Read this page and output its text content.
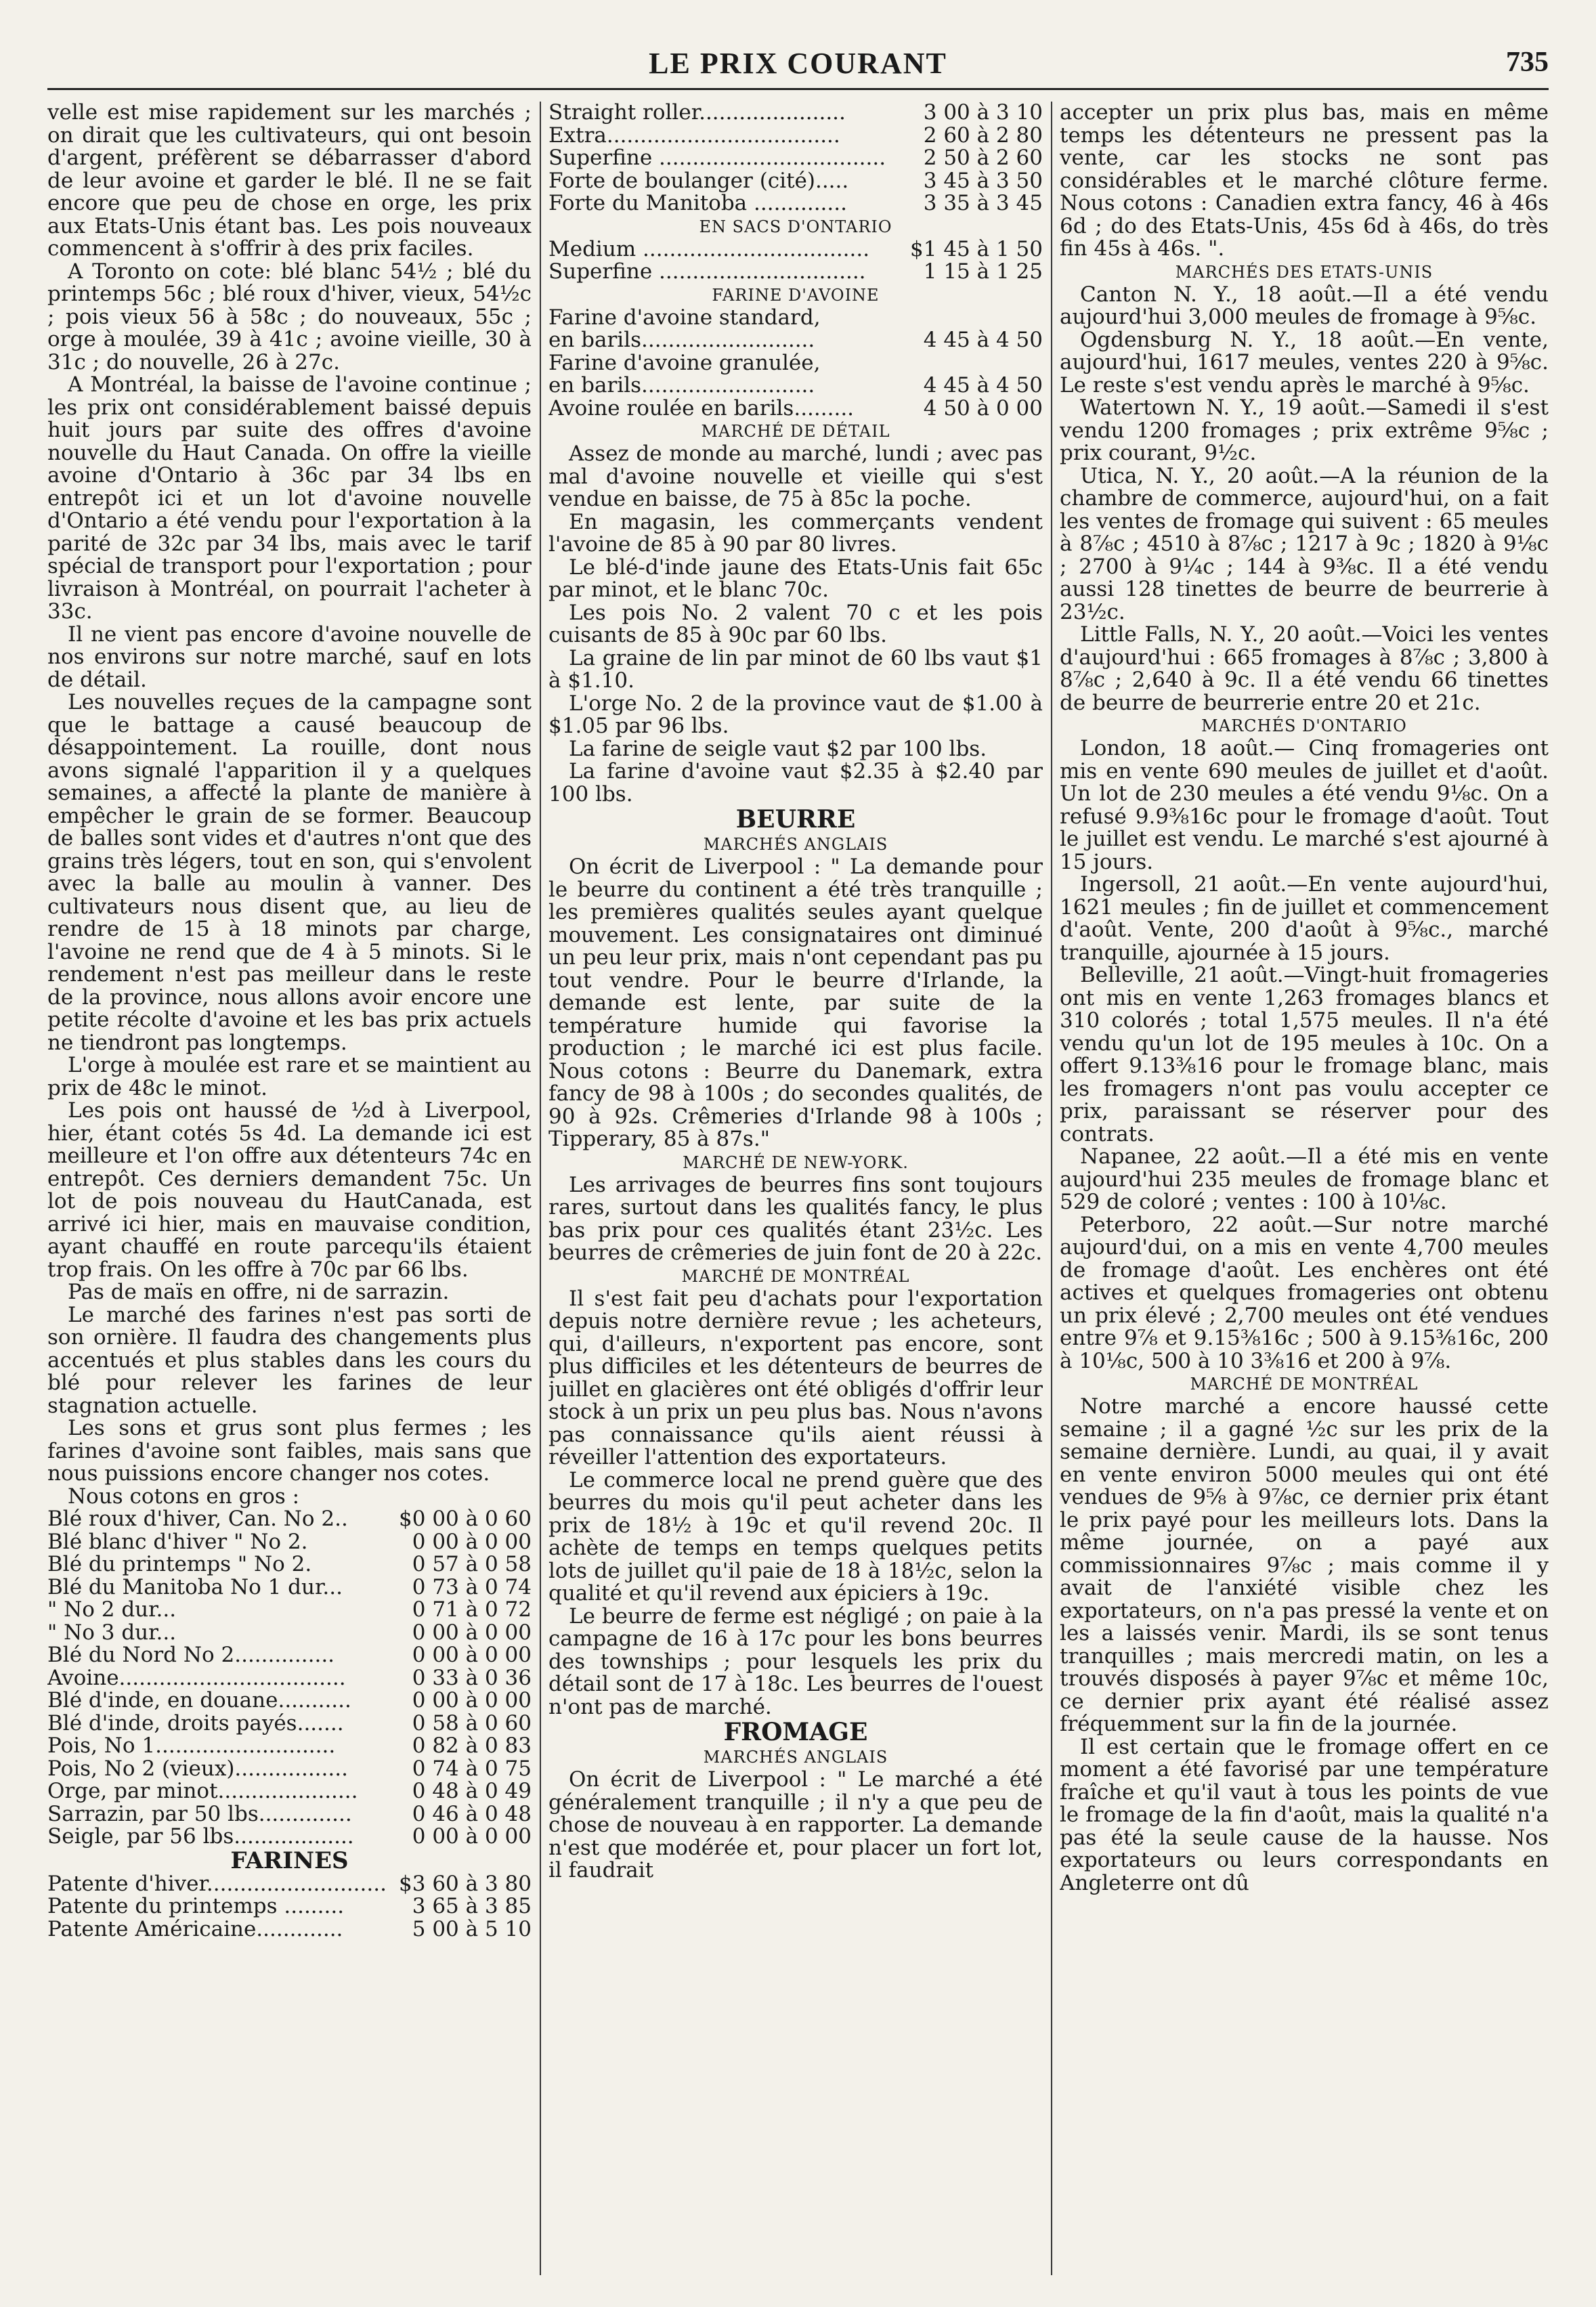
LE PRIX COURANT	735

velle est mise rapidement sur les marchés ; on dirait que les cultivateurs, qui ont besoin d'argent, préfèrent se débarrasser d'abord de leur avoine et garder le blé. Il ne se fait encore que peu de chose en orge, les prix aux Etats-Unis étant bas. Les pois nouveaux commencent à s'offrir à des prix faciles.

A Toronto on cote: blé blanc 54½ ; blé du printemps 56c ; blé roux d'hiver, vieux, 54½c ; pois vieux 56 à 58c ; do nouveaux, 55c ; orge à moulée, 39 à 41c ; avoine vieille, 30 à 31c ; do nouvelle, 26 à 27c.

A Montréal, la baisse de l'avoine continue ; les prix ont considérablement baissé depuis huit jours par suite des offres d'avoine nouvelle du Haut Canada. On offre la vieille avoine d'Ontario à 36c par 34 lbs en entrepôt ici et un lot d'avoine nouvelle d'Ontario a été vendu pour l'exportation à la parité de 32c par 34 lbs, mais avec le tarif spécial de transport pour l'exportation ; pour livraison à Montréal, on pourrait l'acheter à 33c.

Il ne vient pas encore d'avoine nouvelle de nos environs sur notre marché, sauf en lots de détail.

Les nouvelles reçues de la campagne sont que le battage a causé beaucoup de désappointement. La rouille, dont nous avons signalé l'apparition il y a quelques semaines, a affecté la plante de manière à empêcher le grain de se former. Beaucoup de balles sont vides et d'autres n'ont que des grains très légers, tout en son, qui s'envolent avec la balle au moulin à vanner. Des cultivateurs nous disent que, au lieu de rendre de 15 à 18 minots par charge, l'avoine ne rend que de 4 à 5 minots. Si le rendement n'est pas meilleur dans le reste de la province, nous allons avoir encore une petite récolte d'avoine et les bas prix actuels ne tiendront pas longtemps.

L'orge à moulée est rare et se maintient au prix de 48c le minot.

Les pois ont haussé de ½d à Liverpool, hier, étant cotés 5s 4d. La demande ici est meilleure et l'on offre aux détenteurs 74c en entrepôt. Ces derniers demandent 75c. Un lot de pois nouveau du HautCanada, est arrivé ici hier, mais en mauvaise condition, ayant chauffé en route parcequ'ils étaient trop frais. On les offre à 70c par 66 lbs.

Pas de maïs en offre, ni de sarrazin.

Le marché des farines n'est pas sorti de son ornière. Il faudra des changements plus accentués et plus stables dans les cours du blé pour relever les farines de leur stagnation actuelle.

Les sons et grus sont plus fermes ; les farines d'avoine sont faibles, mais sans que nous puissions encore changer nos cotes.

Nous cotons en gros :

Blé roux d'hiver, Can. No 2..	$0 00 à 0 60
Blé blanc d'hiver " No 2.	0 00 à 0 00
Blé du printemps " No 2.	0 57 à 0 58
Blé du Manitoba No 1 dur...	0 73 à 0 74
" No 2 dur...	0 71 à 0 72
" No 3 dur...	0 00 à 0 00
Blé du Nord No 2...............	0 00 à 0 00
Avoine..................................	0 33 à 0 36
Blé d'inde, en douane...........	0 00 à 0 00
Blé d'inde, droits payés.......	0 58 à 0 60
Pois, No 1...........................	0 82 à 0 83
Pois, No 2 (vieux).................	0 74 à 0 75
Orge, par minot.....................	0 48 à 0 49
Sarrazin, par 50 lbs..............	0 46 à 0 48
Seigle, par 56 lbs..................	0 00 à 0 00
FARINES
Patente d'hiver...........................	$3 60 à 3 80
Patente du printemps .........	3 65 à 3 85
Patente Américaine.............	5 00 à 5 10
Straight roller......................	3 00 à 3 10
Extra...................................	2 60 à 2 80
Superfine ..................................	2 50 à 2 60
Forte de boulanger (cité).....	3 45 à 3 50
Forte du Manitoba ..............	3 35 à 3 45
EN SACS D'ONTARIO
Medium ..................................	$1 45 à 1 50
Superfine ...............................	1 15 à 1 25
FARINE D'AVOINE
Farine d'avoine standard,	
en barils..........................	4 45 à 4 50
Farine d'avoine granulée,	
en barils..........................	4 45 à 4 50
Avoine roulée en barils.........	4 50 à 0 00
MARCHÉ DE DÉTAIL

Assez de monde au marché, lundi ; avec pas mal d'avoine nouvelle et vieille qui s'est vendue en baisse, de 75 à 85c la poche.

En magasin, les commerçants vendent l'avoine de 85 à 90 par 80 livres.

Le blé-d'inde jaune des Etats-Unis fait 65c par minot, et le blanc 70c.

Les pois No. 2 valent 70 c et les pois cuisants de 85 à 90c par 60 lbs.

La graine de lin par minot de 60 lbs vaut $1 à $1.10.

L'orge No. 2 de la province vaut de $1.00 à $1.05 par 96 lbs.

La farine de seigle vaut $2 par 100 lbs.

La farine d'avoine vaut $2.35 à $2.40 par 100 lbs.

BEURRE
MARCHÉS ANGLAIS

On écrit de Liverpool : " La demande pour le beurre du continent a été très tranquille ; les premières qualités seules ayant quelque mouvement. Les consignataires ont diminué un peu leur prix, mais n'ont cependant pas pu tout vendre. Pour le beurre d'Irlande, la demande est lente, par suite de la température humide qui favorise la production ; le marché ici est plus facile. Nous cotons : Beurre du Danemark, extra fancy de 98 à 100s ; do secondes qualités, de 90 à 92s. Crêmeries d'Irlande 98 à 100s ; Tipperary, 85 à 87s."

MARCHÉ DE NEW-YORK.

Les arrivages de beurres fins sont toujours rares, surtout dans les qualités fancy, le plus bas prix pour ces qualités étant 23½c. Les beurres de crêmeries de juin font de 20 à 22c.

MARCHÉ DE MONTRÉAL

Il s'est fait peu d'achats pour l'exportation depuis notre dernière revue ; les acheteurs, qui, d'ailleurs, n'exportent pas encore, sont plus difficiles et les détenteurs de beurres de juillet en glacières ont été obligés d'offrir leur stock à un prix un peu plus bas. Nous n'avons pas connaissance qu'ils aient réussi à réveiller l'attention des exportateurs.

Le commerce local ne prend guère que des beurres du mois qu'il peut acheter dans les prix de 18½ à 19c et qu'il revend 20c. Il achète de temps en temps quelques petits lots de juillet qu'il paie de 18 à 18½c, selon la qualité et qu'il revend aux épiciers à 19c.

Le beurre de ferme est négligé ; on paie à la campagne de 16 à 17c pour les bons beurres des townships ; pour lesquels les prix du détail sont de 17 à 18c. Les beurres de l'ouest n'ont pas de marché.

FROMAGE
MARCHÉS ANGLAIS

On écrit de Liverpool : " Le marché a été généralement tranquille ; il n'y a que peu de chose de nouveau à en rapporter. La demande n'est que modérée et, pour placer un fort lot, il faudrait

accepter un prix plus bas, mais en même temps les détenteurs ne pressent pas la vente, car les stocks ne sont pas considérables et le marché clôture ferme. Nous cotons : Canadien extra fancy, 46 à 46s 6d ; do des Etats-Unis, 45s 6d à 46s, do très fin 45s à 46s. ".

MARCHÉS DES ETATS-UNIS

Canton N. Y., 18 août.—Il a été vendu aujourd'hui 3,000 meules de fromage à 9⅝c.

Ogdensburg N. Y., 18 août.—En vente, aujourd'hui, 1617 meules, ventes 220 à 9⅝c. Le reste s'est vendu après le marché à 9⅝c.

Watertown N. Y., 19 août.—Samedi il s'est vendu 1200 fromages ; prix extrême 9⅝c ; prix courant, 9½c.

Utica, N. Y., 20 août.—A la réunion de la chambre de commerce, aujourd'hui, on a fait les ventes de fromage qui suivent : 65 meules à 8⅞c ; 4510 à 8⅞c ; 1217 à 9c ; 1820 à 9⅛c ; 2700 à 9¼c ; 144 à 9⅜c. Il a été vendu aussi 128 tinettes de beurre de beurrerie à 23½c.

Little Falls, N. Y., 20 août.—Voici les ventes d'aujourd'hui : 665 fromages à 8⅞c ; 3,800 à 8⅞c ; 2,640 à 9c. Il a été vendu 66 tinettes de beurre de beurrerie entre 20 et 21c.

MARCHÉS D'ONTARIO

London, 18 août.— Cinq fromageries ont mis en vente 690 meules de juillet et d'août. Un lot de 230 meules a été vendu 9⅛c. On a refusé 9.9⅜16c pour le fromage d'août. Tout le juillet est vendu. Le marché s'est ajourné à 15 jours.

Ingersoll, 21 août.—En vente aujourd'hui, 1621 meules ; fin de juillet et commencement d'août. Vente, 200 d'août à 9⅝c., marché tranquille, ajournée à 15 jours.

Belleville, 21 août.—Vingt-huit fromageries ont mis en vente 1,263 fromages blancs et 310 colorés ; total 1,575 meules. Il n'a été vendu qu'un lot de 195 meules à 10c. On a offert 9.13⅜16 pour le fromage blanc, mais les fromagers n'ont pas voulu accepter ce prix, paraissant se réserver pour des contrats.

Napanee, 22 août.—Il a été mis en vente aujourd'hui 235 meules de fromage blanc et 529 de coloré ; ventes : 100 à 10⅛c.

Peterboro, 22 août.—Sur notre marché aujourd'dui, on a mis en vente 4,700 meules de fromage d'août. Les enchères ont été actives et quelques fromageries ont obtenu un prix élevé ; 2,700 meules ont été vendues entre 9⅞ et 9.15⅜16c ; 500 à 9.15⅜16c, 200 à 10⅛c, 500 à 10 3⅜16 et 200 à 9⅞.

MARCHÉ DE MONTRÉAL

Notre marché a encore haussé cette semaine ; il a gagné ½c sur les prix de la semaine dernière. Lundi, au quai, il y avait en vente environ 5000 meules qui ont été vendues de 9⅝ à 9⅞c, ce dernier prix étant le prix payé pour les meilleurs lots. Dans la même journée, on a payé aux commissionnaires 9⅞c ; mais comme il y avait de l'anxiété visible chez les exportateurs, on n'a pas pressé la vente et on les a laissés venir. Mardi, ils se sont tenus tranquilles ; mais mercredi matin, on les a trouvés disposés à payer 9⅞c et même 10c, ce dernier prix ayant été réalisé assez fréquemment sur la fin de la journée.

Il est certain que le fromage offert en ce moment a été favorisé par une température fraîche et qu'il vaut à tous les points de vue le fromage de la fin d'août, mais la qualité n'a pas été la seule cause de la hausse. Nos exportateurs ou leurs correspondants en Angleterre ont dû
